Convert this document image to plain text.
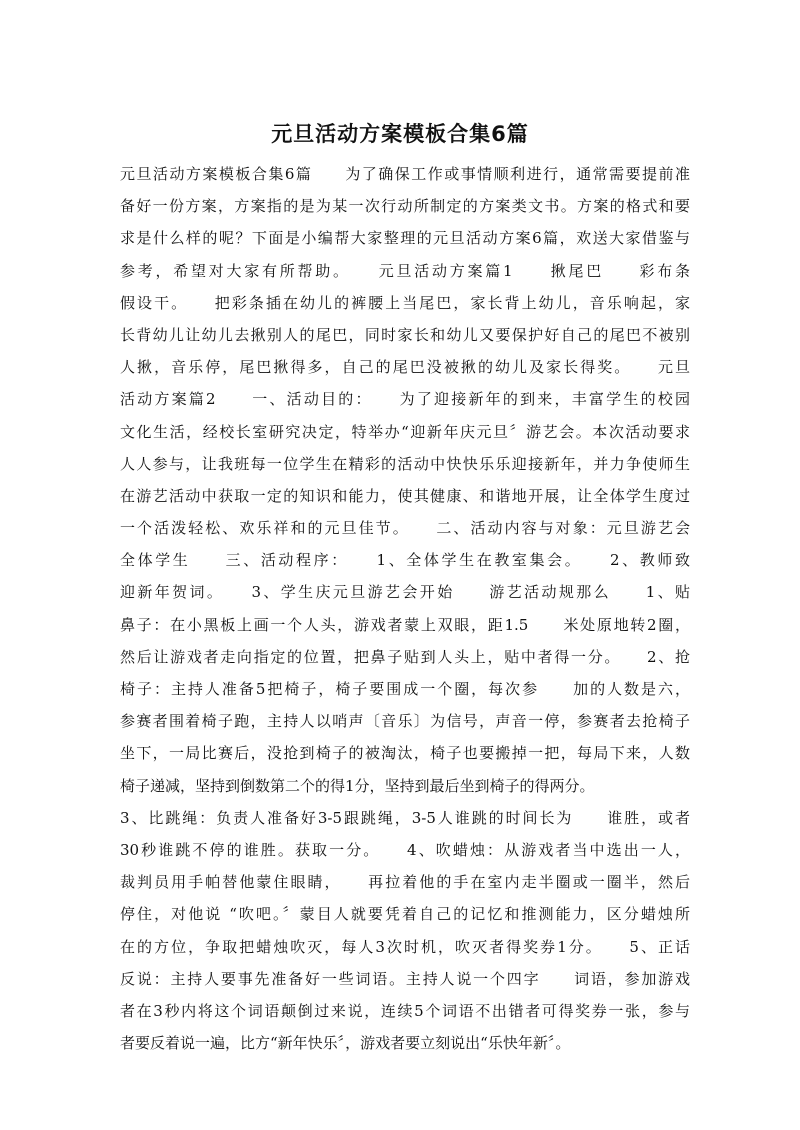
元旦活动方案模板合集6篇
元旦活动方案模板合集6篇　　为了确保工作或事情顺利进行，通常需要提前准
备好一份方案，方案指的是为某一次行动所制定的方案类文书。方案的格式和要
求是什么样的呢？下面是小编帮大家整理的元旦活动方案6篇，欢送大家借鉴与
参考，希望对大家有所帮助。　　元旦活动方案篇1　　揪尾巴　　彩布条
假设干。　　把彩条插在幼儿的裤腰上当尾巴，家长背上幼儿，音乐响起，家
长背幼儿让幼儿去揪别人的尾巴，同时家长和幼儿又要保护好自己的尾巴不被别
人揪，音乐停，尾巴揪得多，自己的尾巴没被揪的幼儿及家长得奖。　　元旦
活动方案篇2　　一、活动目的：　　为了迎接新年的到来，丰富学生的校园
文化生活，经校长室研究决定，特举办“迎新年庆元旦〞游艺会。本次活动要求
人人参与，让我班每一位学生在精彩的活动中快快乐乐迎接新年，并力争使师生
在游艺活动中获取一定的知识和能力，使其健康、和谐地开展，让全体学生度过
一个活泼轻松、欢乐祥和的元旦佳节。　　二、活动内容与对象：元旦游艺会
全体学生　　三、活动程序：　　1、全体学生在教室集会。　　2、教师致
迎新年贺词。　　3、学生庆元旦游艺会开始　　游艺活动规那么　　1、贴
鼻子：在小黑板上画一个人头，游戏者蒙上双眼，距1.5　　米处原地转2圈，
然后让游戏者走向指定的位置，把鼻子贴到人头上，贴中者得一分。　　2、抢
椅子：主持人准备5把椅子，椅子要围成一个圈，每次参　　加的人数是六，
参赛者围着椅子跑，主持人以哨声〔音乐〕为信号，声音一停，参赛者去抢椅子
坐下，一局比赛后，没抢到椅子的被淘汰，椅子也要搬掉一把，每局下来，人数
椅子递减，坚持到倒数第二个的得1分，坚持到最后坐到椅子的得两分。
3、比跳绳：负责人准备好3-5跟跳绳，3-5人谁跳的时间长为　　谁胜，或者
30秒谁跳不停的谁胜。获取一分。　　4、吹蜡烛：从游戏者当中选出一人，
裁判员用手帕替他蒙住眼睛，　　再拉着他的手在室内走半圈或一圈半，然后
停住，对他说 “吹吧。〞蒙目人就要凭着自己的记忆和推测能力，区分蜡烛所
在的方位，争取把蜡烛吹灭，每人3次时机，吹灭者得奖券1分。　　5、正话
反说：主持人要事先准备好一些词语。主持人说一个四字　　词语，参加游戏
者在3秒内将这个词语颠倒过来说，连续5个词语不出错者可得奖券一张，参与
者要反着说一遍，比方“新年快乐〞，游戏者要立刻说出“乐快年新〞。
